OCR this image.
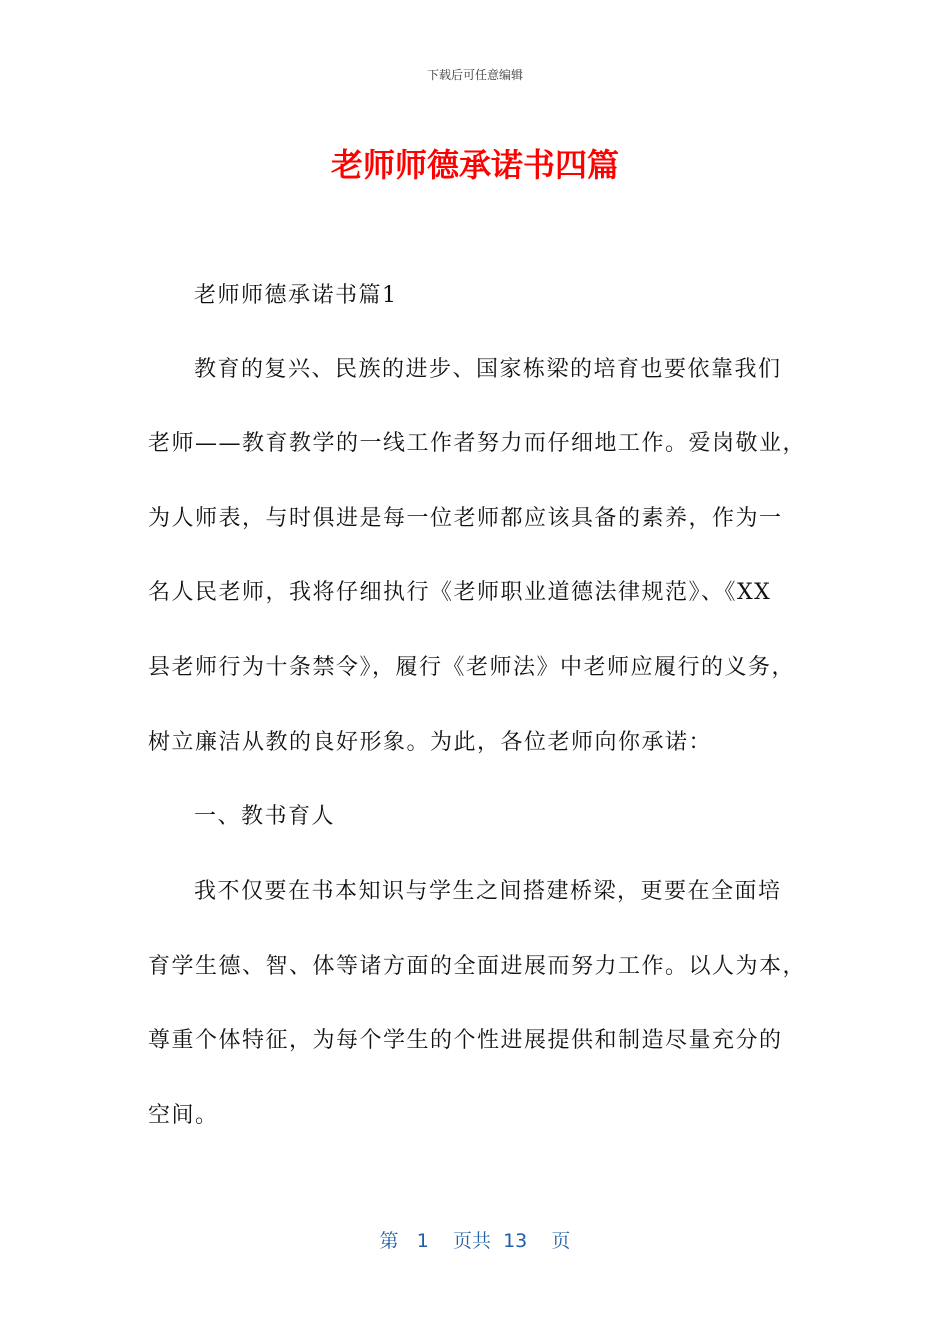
下载后可任意编辑
老师师德承诺书四篇
老师师德承诺书篇1
教育的复兴、民族的进步、国家栋梁的培育也要依靠我们
老师——教育教学的一线工作者努力而仔细地工作。爱岗敬业，
为人师表，与时俱进是每一位老师都应该具备的素养，作为一
名人民老师，我将仔细执行《老师职业道德法律规范》、《XX
县老师行为十条禁令》，履行《老师法》中老师应履行的义务，
树立廉洁从教的良好形象。为此，各位老师向你承诺：
一、教书育人
我不仅要在书本知识与学生之间搭建桥梁，更要在全面培
育学生德、智、体等诸方面的全面进展而努力工作。以人为本，
尊重个体特征，为每个学生的个性进展提供和制造尽量充分的
空间。
第 1 页共 13 页
